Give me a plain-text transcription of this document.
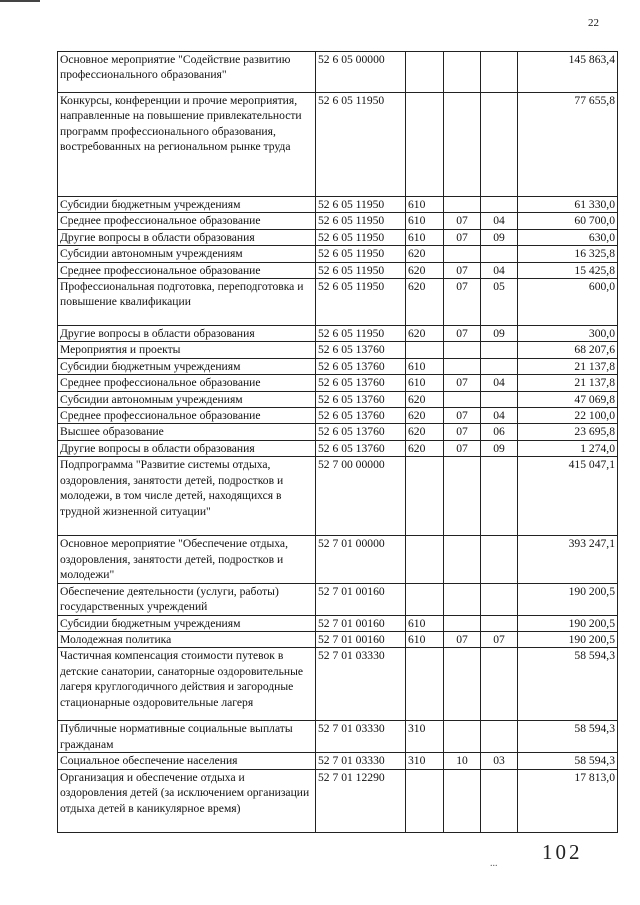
22
Основное мероприятие "Содействие развитию профессионального образования"	52 6 05 00000				145 863,4
Конкурсы, конференции и прочие мероприятия, направленные на повышение привлекательности программ профессионального образования, востребованных на региональном рынке труда	52 6 05 11950				77 655,8
Субсидии бюджетным учреждениям	52 6 05 11950	610			61 330,0
Среднее профессиональное образование	52 6 05 11950	610	07	04	60 700,0
Другие вопросы в области образования	52 6 05 11950	610	07	09	630,0
Субсидии автономным учреждениям	52 6 05 11950	620			16 325,8
Среднее профессиональное образование	52 6 05 11950	620	07	04	15 425,8
Профессиональная подготовка, переподготовка и повышение квалификации	52 6 05 11950	620	07	05	600,0
Другие вопросы в области образования	52 6 05 11950	620	07	09	300,0
Мероприятия и проекты	52 6 05 13760				68 207,6
Субсидии бюджетным учреждениям	52 6 05 13760	610			21 137,8
Среднее профессиональное образование	52 6 05 13760	610	07	04	21 137,8
Субсидии автономным учреждениям	52 6 05 13760	620			47 069,8
Среднее профессиональное образование	52 6 05 13760	620	07	04	22 100,0
Высшее образование	52 6 05 13760	620	07	06	23 695,8
Другие вопросы в области образования	52 6 05 13760	620	07	09	1 274,0
Подпрограмма "Развитие системы отдыха, оздоровления, занятости детей, подростков и молодежи, в том числе детей, находящихся в трудной жизненной ситуации"	52 7 00 00000				415 047,1
Основное мероприятие "Обеспечение отдыха, оздоровления, занятости детей, подростков и молодежи"	52 7 01 00000				393 247,1
Обеспечение деятельности (услуги, работы) государственных учреждений	52 7 01 00160				190 200,5
Субсидии бюджетным учреждениям	52 7 01 00160	610			190 200,5
Молодежная политика	52 7 01 00160	610	07	07	190 200,5
Частичная компенсация стоимости путевок в детские санатории, санаторные оздоровительные лагеря круглогодичного действия и загородные стационарные оздоровительные лагеря	52 7 01 03330				58 594,3
Публичные нормативные социальные выплаты гражданам	52 7 01 03330	310			58 594,3
Социальное обеспечение населения	52 7 01 03330	310	10	03	58 594,3
Организация и обеспечение отдыха и оздоровления детей (за исключением организации отдыха детей в каникулярное время)	52 7 01 12290				17 813,0
... 102
